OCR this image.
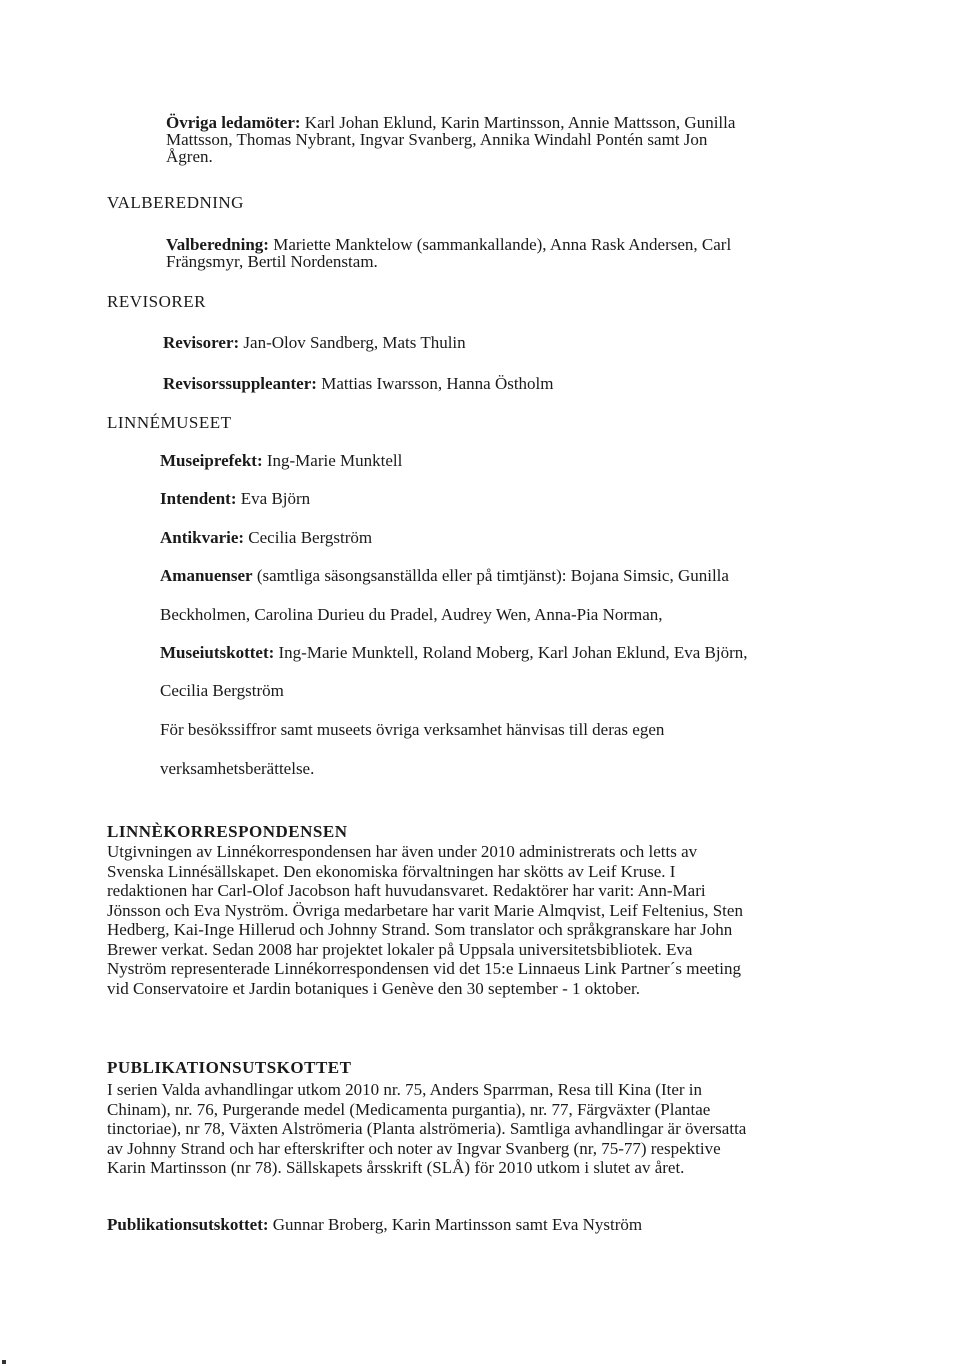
Övriga ledamöter: Karl Johan Eklund, Karin Martinsson, Annie Mattsson, Gunilla
Mattsson, Thomas Nybrant, Ingvar Svanberg, Annika Windahl Pontén samt Jon
Ågren.
VALBEREDNING
Valberedning: Mariette Manktelow (sammankallande), Anna Rask Andersen, Carl
Frängsmyr, Bertil Nordenstam.
REVISORER
Revisorer: Jan-Olov Sandberg, Mats Thulin
Revisorssuppleanter: Mattias Iwarsson, Hanna Östholm
LINNÉMUSEET
Museiprefekt: Ing-Marie Munktell
Intendent: Eva Björn
Antikvarie: Cecilia Bergström
Amanuenser (samtliga säsongsanställda eller på timtjänst): Bojana Simsic, Gunilla
Beckholmen, Carolina Durieu du Pradel, Audrey Wen, Anna-Pia Norman,
Museiutskottet: Ing-Marie Munktell, Roland Moberg, Karl Johan Eklund, Eva Björn,
Cecilia Bergström
För besökssiffror samt museets övriga verksamhet hänvisas till deras egen
verksamhetsberättelse.
LINNÈKORRESPONDENSEN
Utgivningen av Linnékorrespondensen har även under 2010 administrerats och letts av
Svenska Linnésällskapet. Den ekonomiska förvaltningen har skötts av Leif Kruse. I
redaktionen har Carl-Olof Jacobson haft huvudansvaret. Redaktörer har varit: Ann-Mari
Jönsson och Eva Nyström. Övriga medarbetare har varit Marie Almqvist, Leif Feltenius, Sten
Hedberg, Kai-Inge Hillerud och Johnny Strand. Som translator och språkgranskare har John
Brewer verkat. Sedan 2008 har projektet lokaler på Uppsala universitetsbibliotek. Eva
Nyström representerade Linnékorrespondensen vid det 15:e Linnaeus Link Partner´s meeting
vid Conservatoire et Jardin botaniques i Genève den 30 september - 1 oktober.
PUBLIKATIONSUTSKOTTET
I serien Valda avhandlingar utkom 2010 nr. 75, Anders Sparrman, Resa till Kina (Iter in
Chinam), nr. 76, Purgerande medel (Medicamenta purgantia), nr. 77, Färgväxter (Plantae
tinctoriae), nr 78, Växten Alströmeria (Planta alströmeria). Samtliga avhandlingar är översatta
av Johnny Strand och har efterskrifter och noter av Ingvar Svanberg (nr, 75-77) respektive
Karin Martinsson (nr 78). Sällskapets årsskrift (SLÅ) för 2010 utkom i slutet av året.
Publikationsutskottet: Gunnar Broberg, Karin Martinsson samt Eva Nyström
